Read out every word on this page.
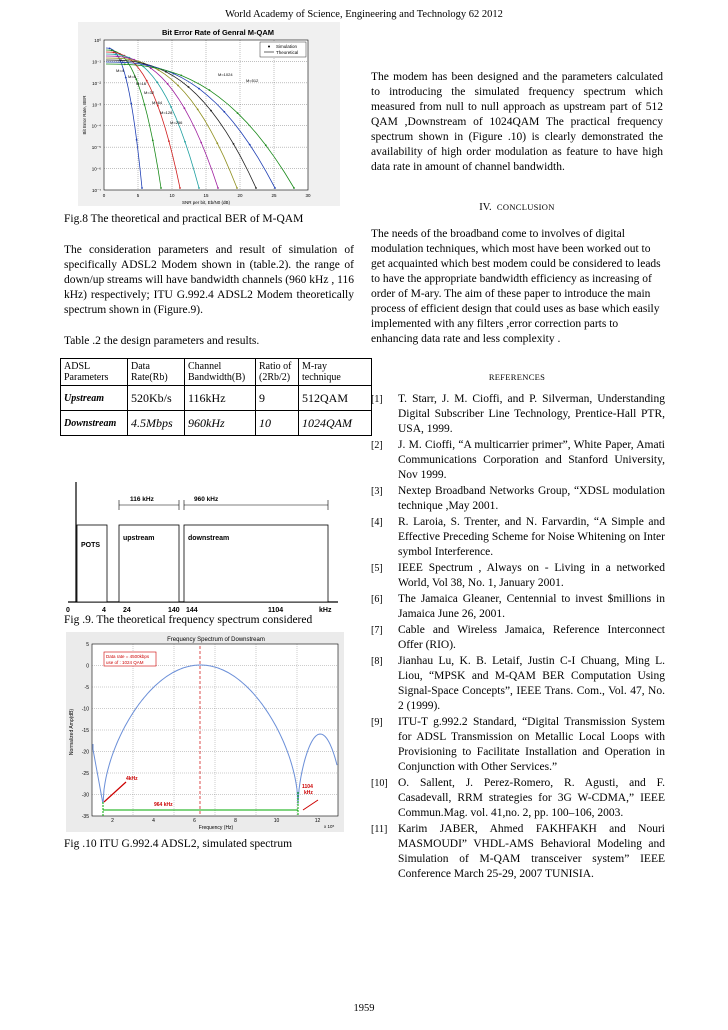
World Academy of Science, Engineering and Technology 62 2012
Bit Error Rate of Genral M-QAM
Simulation
Theoretical
SNR per bit, Eb/N0 (dB)
Bit Error Rate, BER
0	5	10	15	20	25	30
10⁰
10⁻¹
10⁻²
10⁻³
10⁻⁴
10⁻⁵
10⁻⁶
10⁻⁷
M=1024
M=512
M=4
M=8
M=16
M=32
M=64
M=128
M=256
Fig.8 The theoretical and practical BER of M-QAM
The consideration parameters and result of simulation of specifically ADSL2 Modem shown in (table.2). the range of down/up streams will have bandwidth channels (960 kHz , 116 kHz) respectively; ITU G.992.4 ADSL2 Modem theoretically spectrum shown in (Figure.9).
Table .2 the design parameters and results.
ADSL Parameters	Data Rate(Rb)	Channel Bandwidth(B)	Ratio of (2Rb/2)	M-ray technique
Upstream	520Kb/s	116kHz	9	512QAM
Downstream	4.5Mbps	960kHz	10	1024QAM
116 kHz	960 kHz
POTS
upstream	downstream
0	4 24	140 144	1104	kHz
Fig .9. The theoretical frequency spectrum considered
Frequency Spectrum of Downstream
Data rate = 4500kbps
use of : 1024 QAM
4kHz
964 kHz
1104
kHz
5
0
-5
-10
-15
-20
-25
-30
-35
2	4	6	8	10	12
Frequency (Hz)	x 10⁵
Normalized Amp(dB)
Fig .10 ITU G.992.4 ADSL2, simulated spectrum
The modem has been designed and the parameters calculated to introducing the simulated frequency spectrum which measured from null to null approach as upstream part of 512 QAM ,Downstream of 1024QAM The practical frequency spectrum shown in (Figure .10) is clearly demonstrated the availability of high order modulation as feature to have high data rate in amount of channel bandwidth.
IV. CONCLUSION
The needs of the broadband come to involves of digital modulation techniques, which most have been worked out to get acquainted which best modem could be considered to leads to have the appropriate bandwidth efficiency as increasing of order of M-ary. The aim of these paper to introduce the main process of efficient design that could uses as base which easily implemented with any filters ,error correction parts to enhancing data rate and less complexity .
REFERENCES
[1] T. Starr, J. M. Cioffi, and P. Silverman, Understanding Digital Subscriber Line Technology, Prentice-Hall PTR, USA, 1999.
[2] J. M. Cioffi, “A multicarrier primer”, White Paper, Amati Communications Corporation and Stanford University, Nov 1999.
[3] Nextep Broadband Networks Group, “XDSL modulation technique ,May 2001.
[4] R. Laroia, S. Trenter, and N. Farvardin, “A Simple and Effective Preceding Scheme for Noise Whitening on Inter symbol Interference.
[5] IEEE Spectrum , Always on - Living in a networked World, Vol 38, No. 1, January 2001.
[6] The Jamaica Gleaner, Centennial to invest $millions in Jamaica June 26, 2001.
[7] Cable and Wireless Jamaica, Reference Interconnect Offer (RIO).
[8] Jianhau Lu, K. B. Letaif, Justin C-I Chuang, Ming L. Liou, “MPSK and M-QAM BER Computation Using Signal-Space Concepts”, IEEE Trans. Com., Vol. 47, No. 2 (1999).
[9] ITU-T g.992.2 Standard, “Digital Transmission System for ADSL Transmission on Metallic Local Loops with Provisioning to Facilitate Installation and Operation in Conjunction with Other Services.”
[10] O. Sallent, J. Perez-Romero, R. Agusti, and F. Casadevall, RRM strategies for 3G W-CDMA,” IEEE Commun.Mag. vol. 41,no. 2, pp. 100–106, 2003.
[11] Karim JABER, Ahmed FAKHFAKH and Nouri MASMOUDI” VHDL-AMS Behavioral Modeling and Simulation of M-QAM transceiver system” IEEE Conference March 25-29, 2007 TUNISIA.
1959
